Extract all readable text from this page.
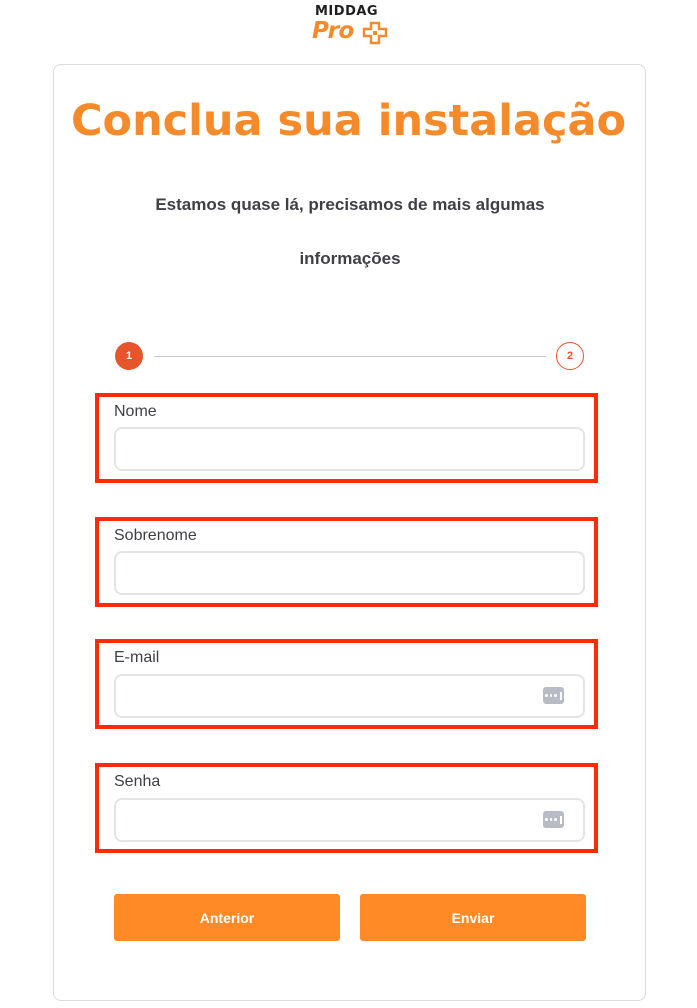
MIDDAG
Pro
Conclua sua instalação
Estamos quase lá, precisamos de mais algumas informações
1	2
Nome
Sobrenome
E-mail
Senha
Anterior	Enviar
